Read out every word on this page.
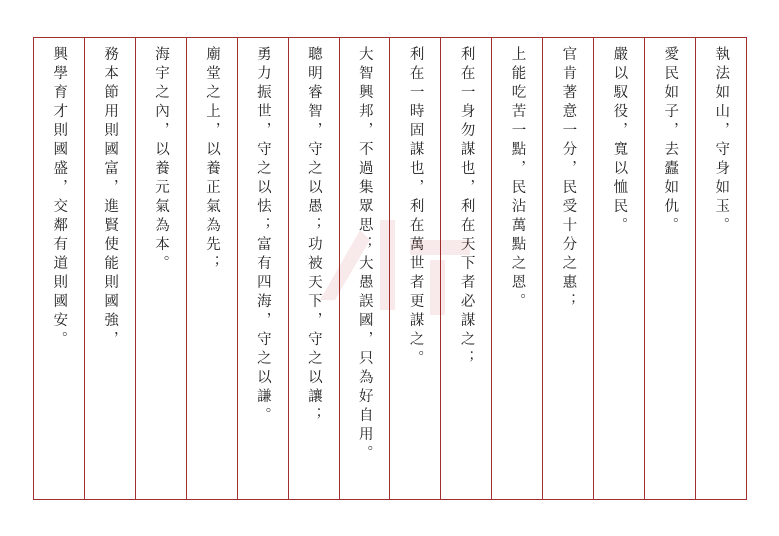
興學育才則國盛，交鄰有道則國安。 務本節用則國富，進賢使能則國強， 海宇之內，以養元氣為本。 廟堂之上，以養正氣為先； 勇力振世，守之以怯；富有四海，守之以謙。 聰明睿智，守之以愚；功被天下，守之以讓； 大智興邦，不過集眾思；大愚誤國，只為好自用。 利在一時固謀也，利在萬世者更謀之。 利在一身勿謀也，利在天下者必謀之； 上能吃苦一點，民沾萬點之恩。 官肯著意一分，民受十分之惠； 嚴以馭役，寬以恤民。 愛民如子，去蠹如仇。 執法如山，守身如玉。
